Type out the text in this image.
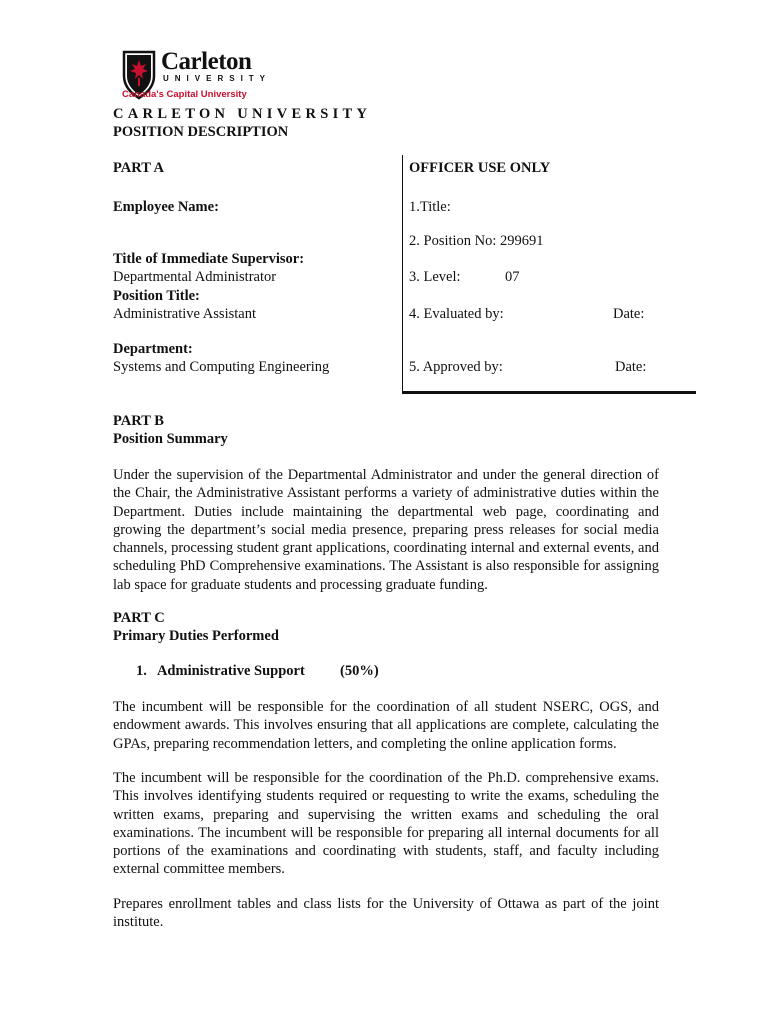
Carleton
UNIVERSITY
Canada's Capital University
CARLETON UNIVERSITY
POSITION DESCRIPTION
PART A
Employee Name:
Title of Immediate Supervisor:
Departmental Administrator
Position Title:
Administrative Assistant
Department:
Systems and Computing Engineering
OFFICER USE ONLY
1.Title:
2. Position No: 299691
3. Level:	07
4. Evaluated by:	Date:
5. Approved by:	Date:
PART B
Position Summary
Under the supervision of the Departmental Administrator and under the general direction of the Chair, the Administrative Assistant performs a variety of administrative duties within the Department. Duties include maintaining the departmental web page, coordinating and growing the department’s social media presence, preparing press releases for social media channels, processing student grant applications, coordinating internal and external events, and scheduling PhD Comprehensive examinations. The Assistant is also responsible for assigning lab space for graduate students and processing graduate funding.
PART C
Primary Duties Performed
1.   Administrative Support (50%)
The incumbent will be responsible for the coordination of all student NSERC, OGS, and endowment awards. This involves ensuring that all applications are complete, calculating the GPAs, preparing recommendation letters, and completing the online application forms.
The incumbent will be responsible for the coordination of the Ph.D. comprehensive exams. This involves identifying students required or requesting to write the exams, scheduling the written exams, preparing and supervising the written exams and scheduling the oral examinations. The incumbent will be responsible for preparing all internal documents for all portions of the examinations and coordinating with students, staff, and faculty including external committee members.
Prepares enrollment tables and class lists for the University of Ottawa as part of the joint institute.
